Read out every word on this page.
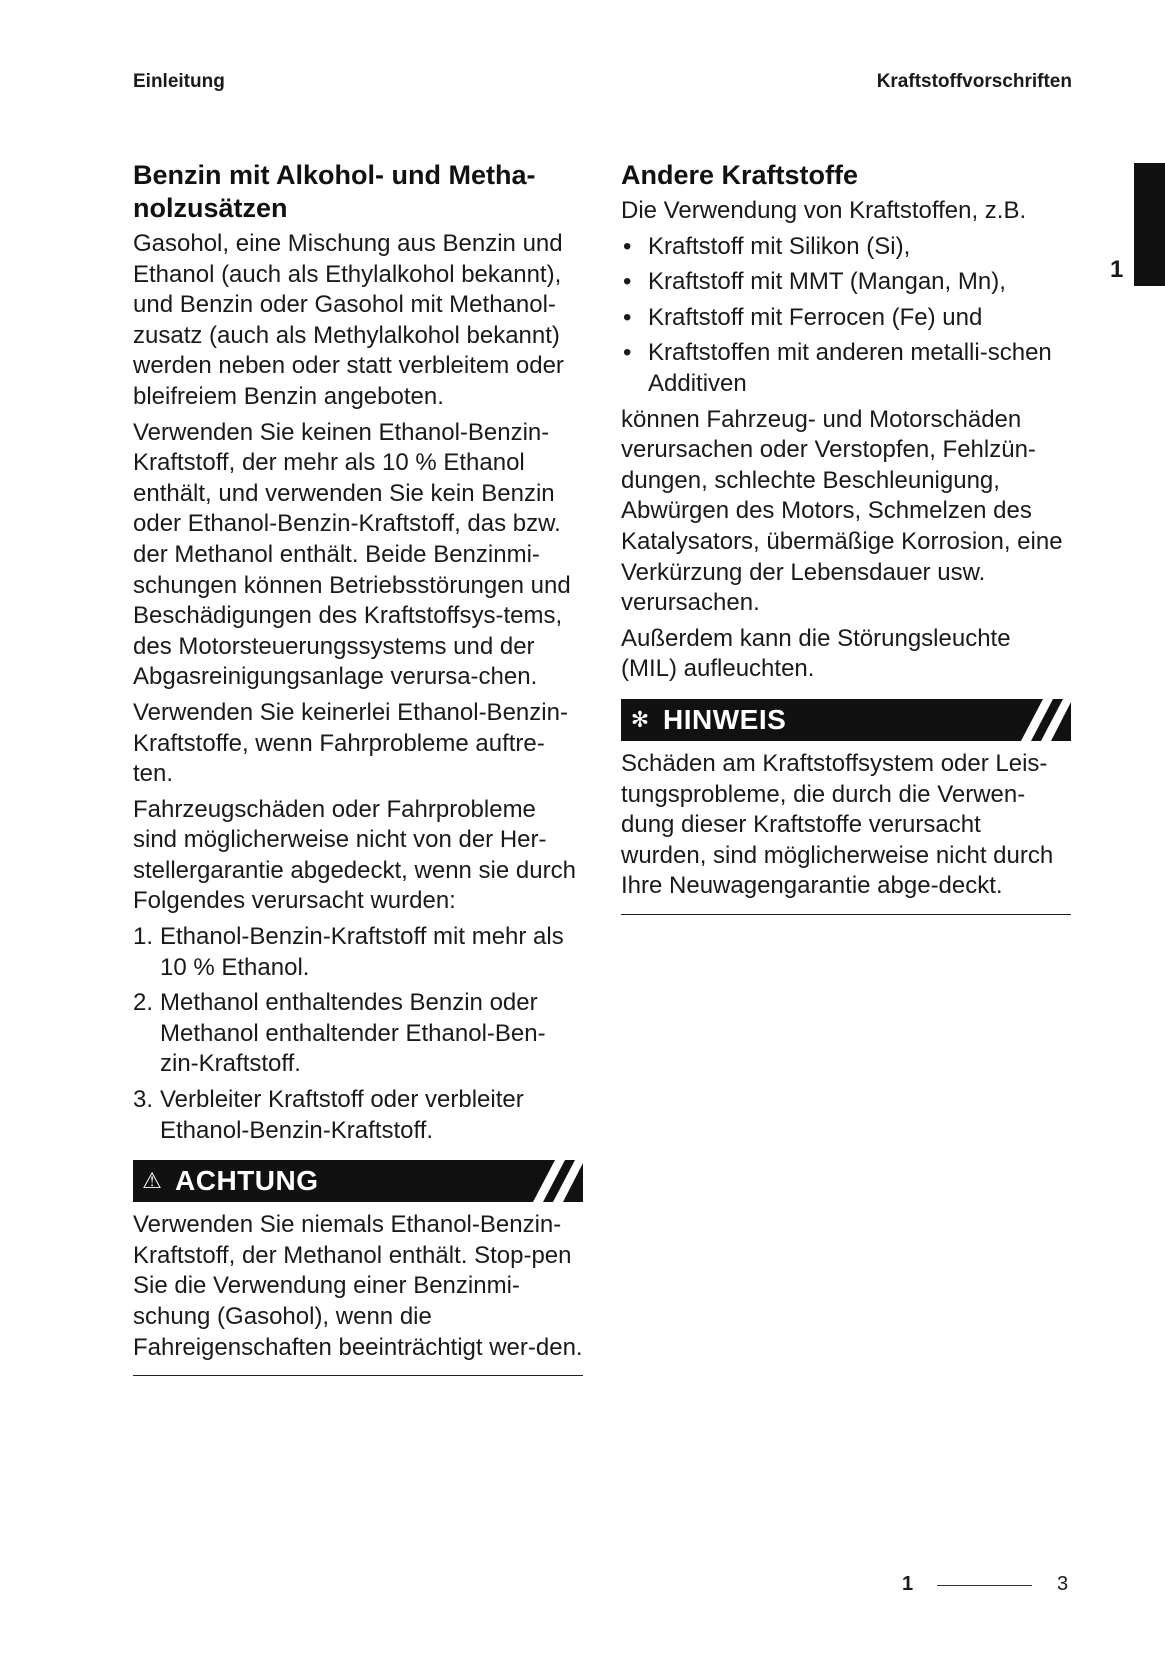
Einleitung	Kraftstoffvorschriften
1
Benzin mit Alkohol- und Metha-
nolzusätzen

Gasohol, eine Mischung aus Benzin und Ethanol (auch als Ethylalkohol bekannt), und Benzin oder Gasohol mit Methanol-zusatz (auch als Methylalkohol bekannt) werden neben oder statt verbleitem oder bleifreiem Benzin angeboten.

Verwenden Sie keinen Ethanol-Benzin-Kraftstoff, der mehr als 10 % Ethanol enthält, und verwenden Sie kein Benzin oder Ethanol-Benzin-Kraftstoff, das bzw. der Methanol enthält. Beide Benzinmi-schungen können Betriebsstörungen und Beschädigungen des Kraftstoffsys-tems, des Motorsteuerungssystems und der Abgasreinigungsanlage verursa-chen.

Verwenden Sie keinerlei Ethanol-Benzin-Kraftstoffe, wenn Fahrprobleme auftre-ten.

Fahrzeugschäden oder Fahrprobleme sind möglicherweise nicht von der Her-stellergarantie abgedeckt, wenn sie durch Folgendes verursacht wurden:

1. Ethanol-Benzin-Kraftstoff mit mehr als 10 % Ethanol.
2. Methanol enthaltendes Benzin oder Methanol enthaltender Ethanol-Ben-zin-Kraftstoff.
3. Verbleiter Kraftstoff oder verbleiter Ethanol-Benzin-Kraftstoff.
⚠ ACHTUNG

Verwenden Sie niemals Ethanol-Benzin-Kraftstoff, der Methanol enthält. Stop-pen Sie die Verwendung einer Benzinmi-schung (Gasohol), wenn die Fahreigenschaften beeinträchtigt wer-den.

Andere Kraftstoffe

Die Verwendung von Kraftstoffen, z.B.

• Kraftstoff mit Silikon (Si),
• Kraftstoff mit MMT (Mangan, Mn),
• Kraftstoff mit Ferrocen (Fe) und
• Kraftstoffen mit anderen metalli-schen Additiven

können Fahrzeug- und Motorschäden verursachen oder Verstopfen, Fehlzün-dungen, schlechte Beschleunigung, Abwürgen des Motors, Schmelzen des Katalysators, übermäßige Korrosion, eine Verkürzung der Lebensdauer usw. verursachen.

Außerdem kann die Störungsleuchte (MIL) aufleuchten.

✻ HINWEIS

Schäden am Kraftstoffsystem oder Leis-tungsprobleme, die durch die Verwen-dung dieser Kraftstoffe verursacht wurden, sind möglicherweise nicht durch Ihre Neuwagengarantie abge-deckt.

1	3
